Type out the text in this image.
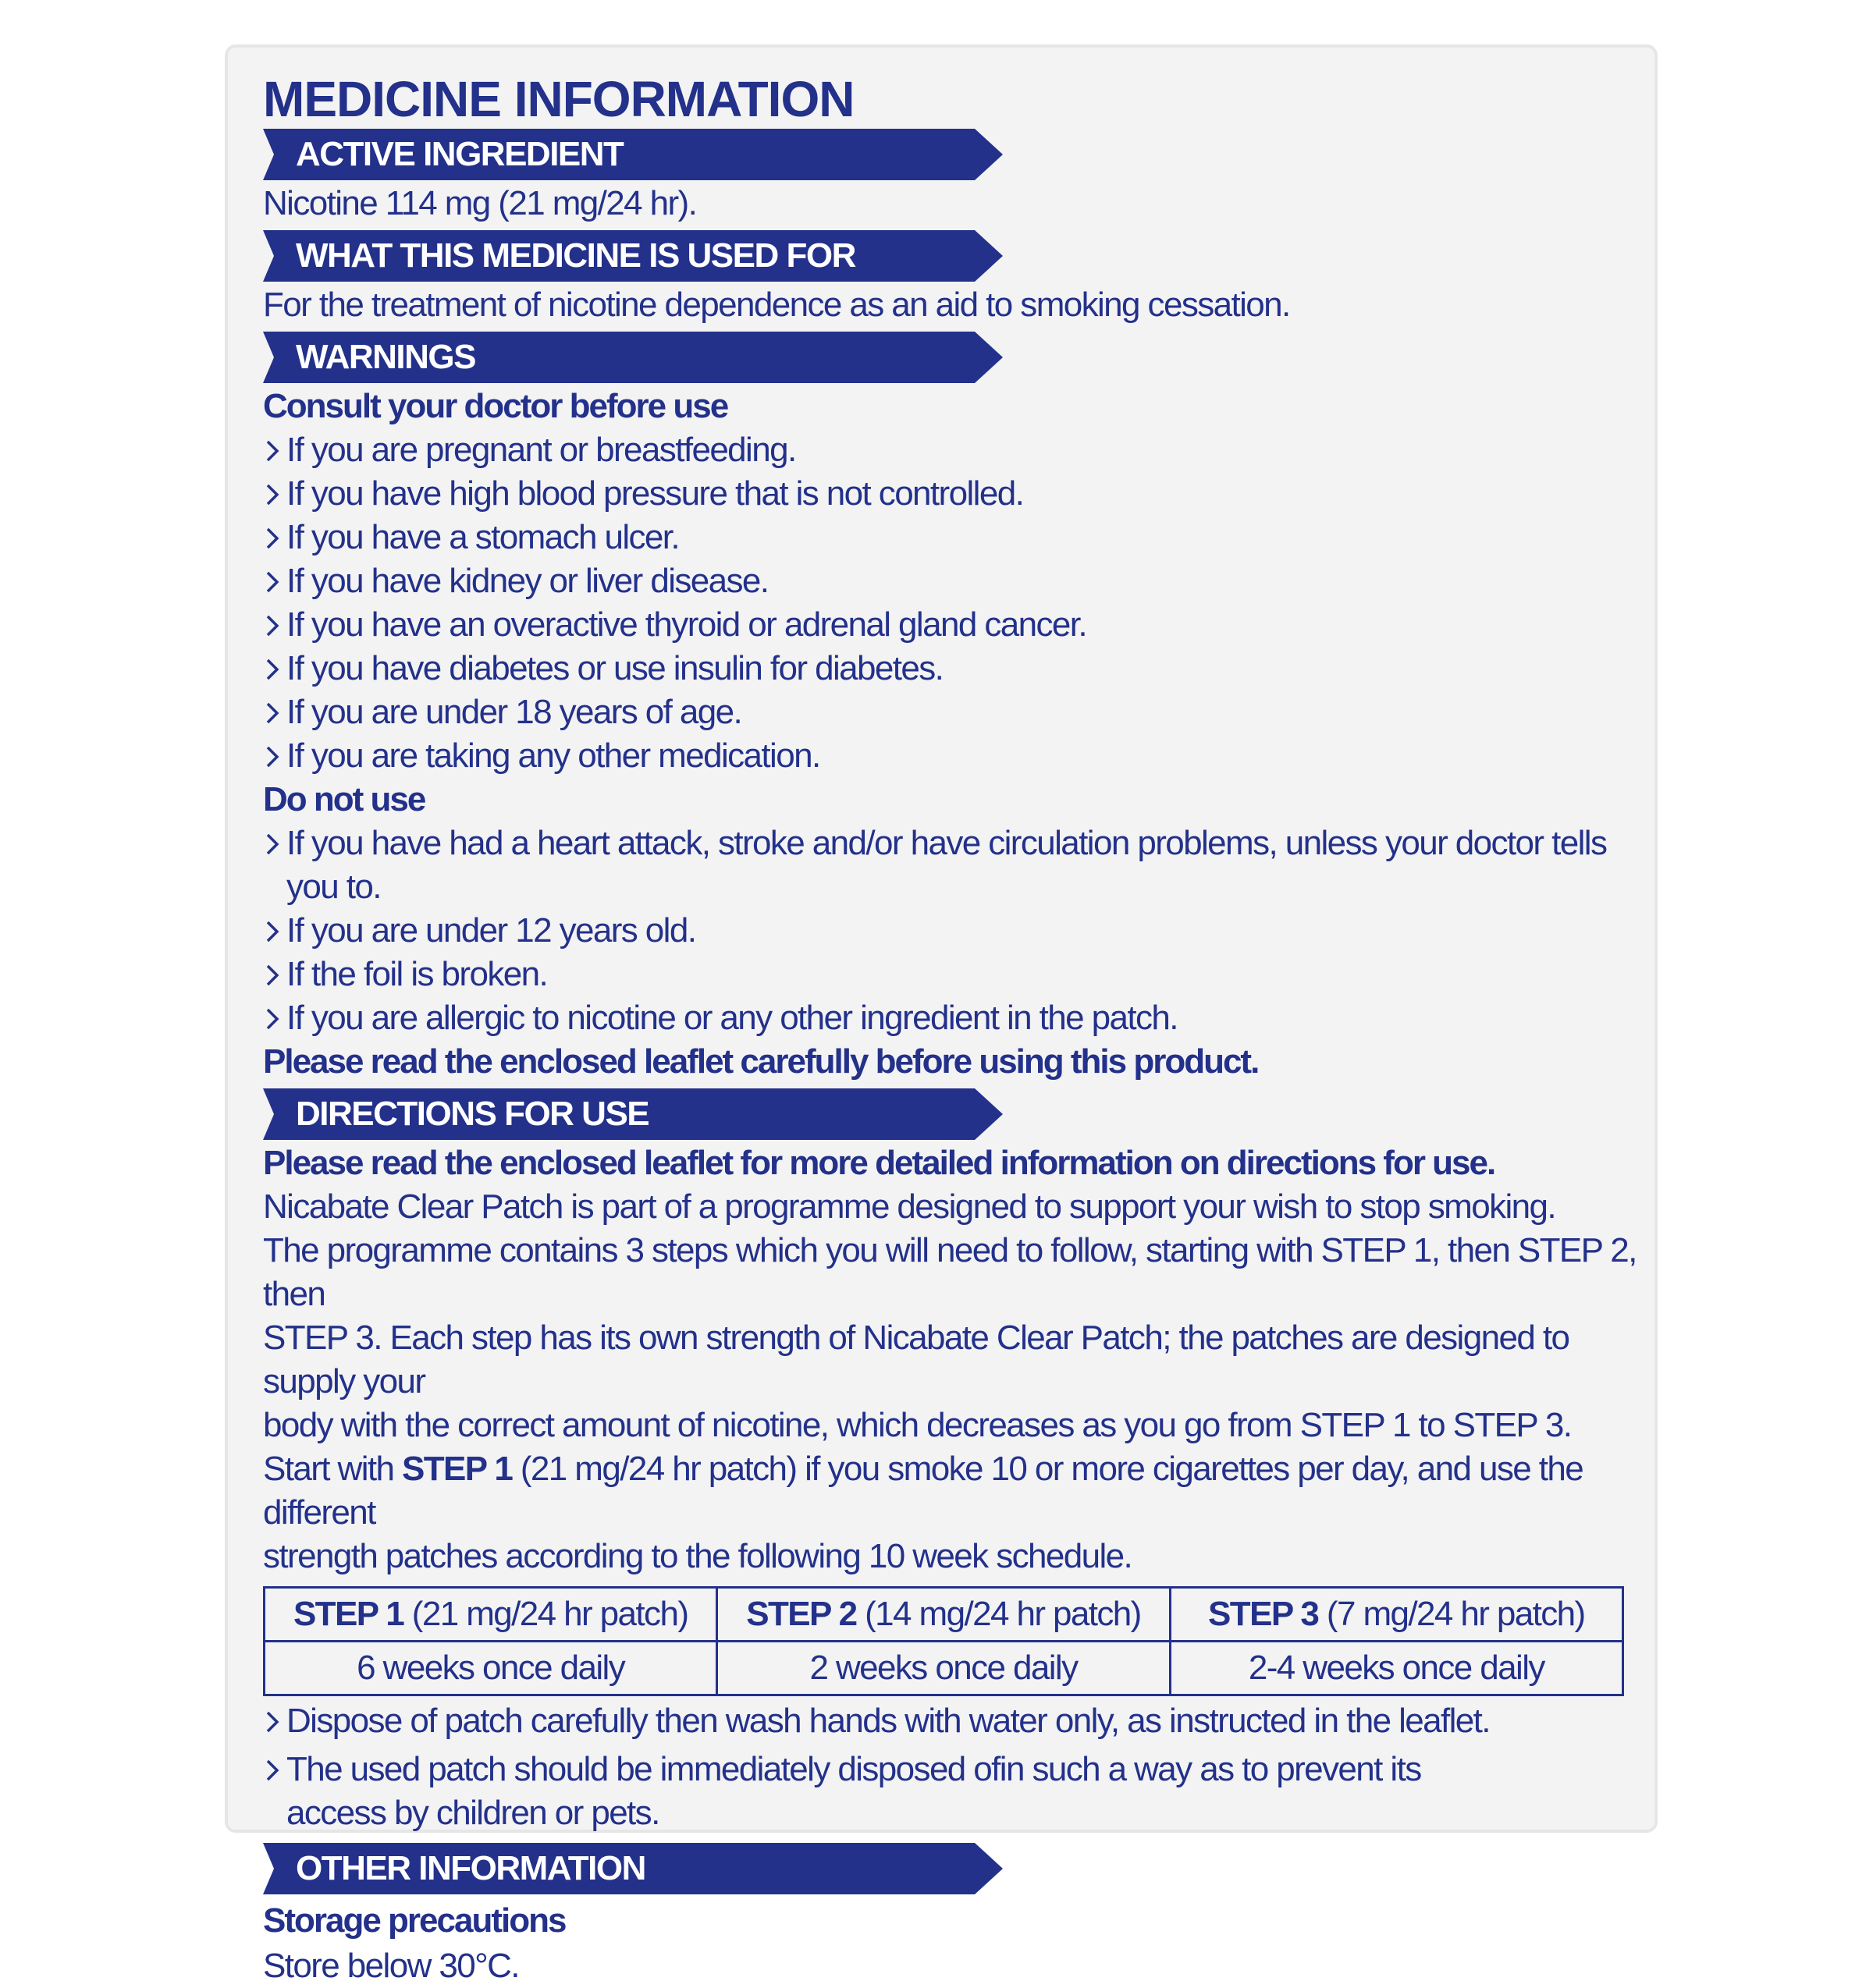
MEDICINE INFORMATION
ACTIVE INGREDIENT

Nicotine 114 mg (21 mg/24 hr).

WHAT THIS MEDICINE IS USED FOR

For the treatment of nicotine dependence as an aid to smoking cessation.

WARNINGS

Consult your doctor before use

If you are pregnant or breastfeeding.
If you have high blood pressure that is not controlled.
If you have a stomach ulcer.
If you have kidney or liver disease.
If you have an overactive thyroid or adrenal gland cancer.
If you have diabetes or use insulin for diabetes.
If you are under 18 years of age.
If you are taking any other medication.

Do not use

If you have had a heart attack, stroke and/or have circulation problems, unless your doctor tells you to.
If you are under 12 years old.
If the foil is broken.
If you are allergic to nicotine or any other ingredient in the patch.

Please read the enclosed leaflet carefully before using this product.

DIRECTIONS FOR USE

Please read the enclosed leaflet for more detailed information on directions for use.

Nicabate Clear Patch is part of a programme designed to support your wish to stop smoking.

The programme contains 3 steps which you will need to follow, starting with STEP 1, then STEP 2, then

STEP 3. Each step has its own strength of Nicabate Clear Patch; the patches are designed to supply your

body with the correct amount of nicotine, which decreases as you go from STEP 1 to STEP 3.

Start with STEP 1 (21 mg/24 hr patch) if you smoke 10 or more cigarettes per day, and use the different

strength patches according to the following 10 week schedule.

STEP 1 (21 mg/24 hr patch)	STEP 2 (14 mg/24 hr patch)	STEP 3 (7 mg/24 hr patch)
6 weeks once daily	2 weeks once daily	2-4 weeks once daily
Dispose of patch carefully then wash hands with water only, as instructed in the leaflet.
The used patch should be immediately disposed ofin such a way as to prevent its
access by children or pets.
OTHER INFORMATION

Storage precautions

Store below 30°C.
